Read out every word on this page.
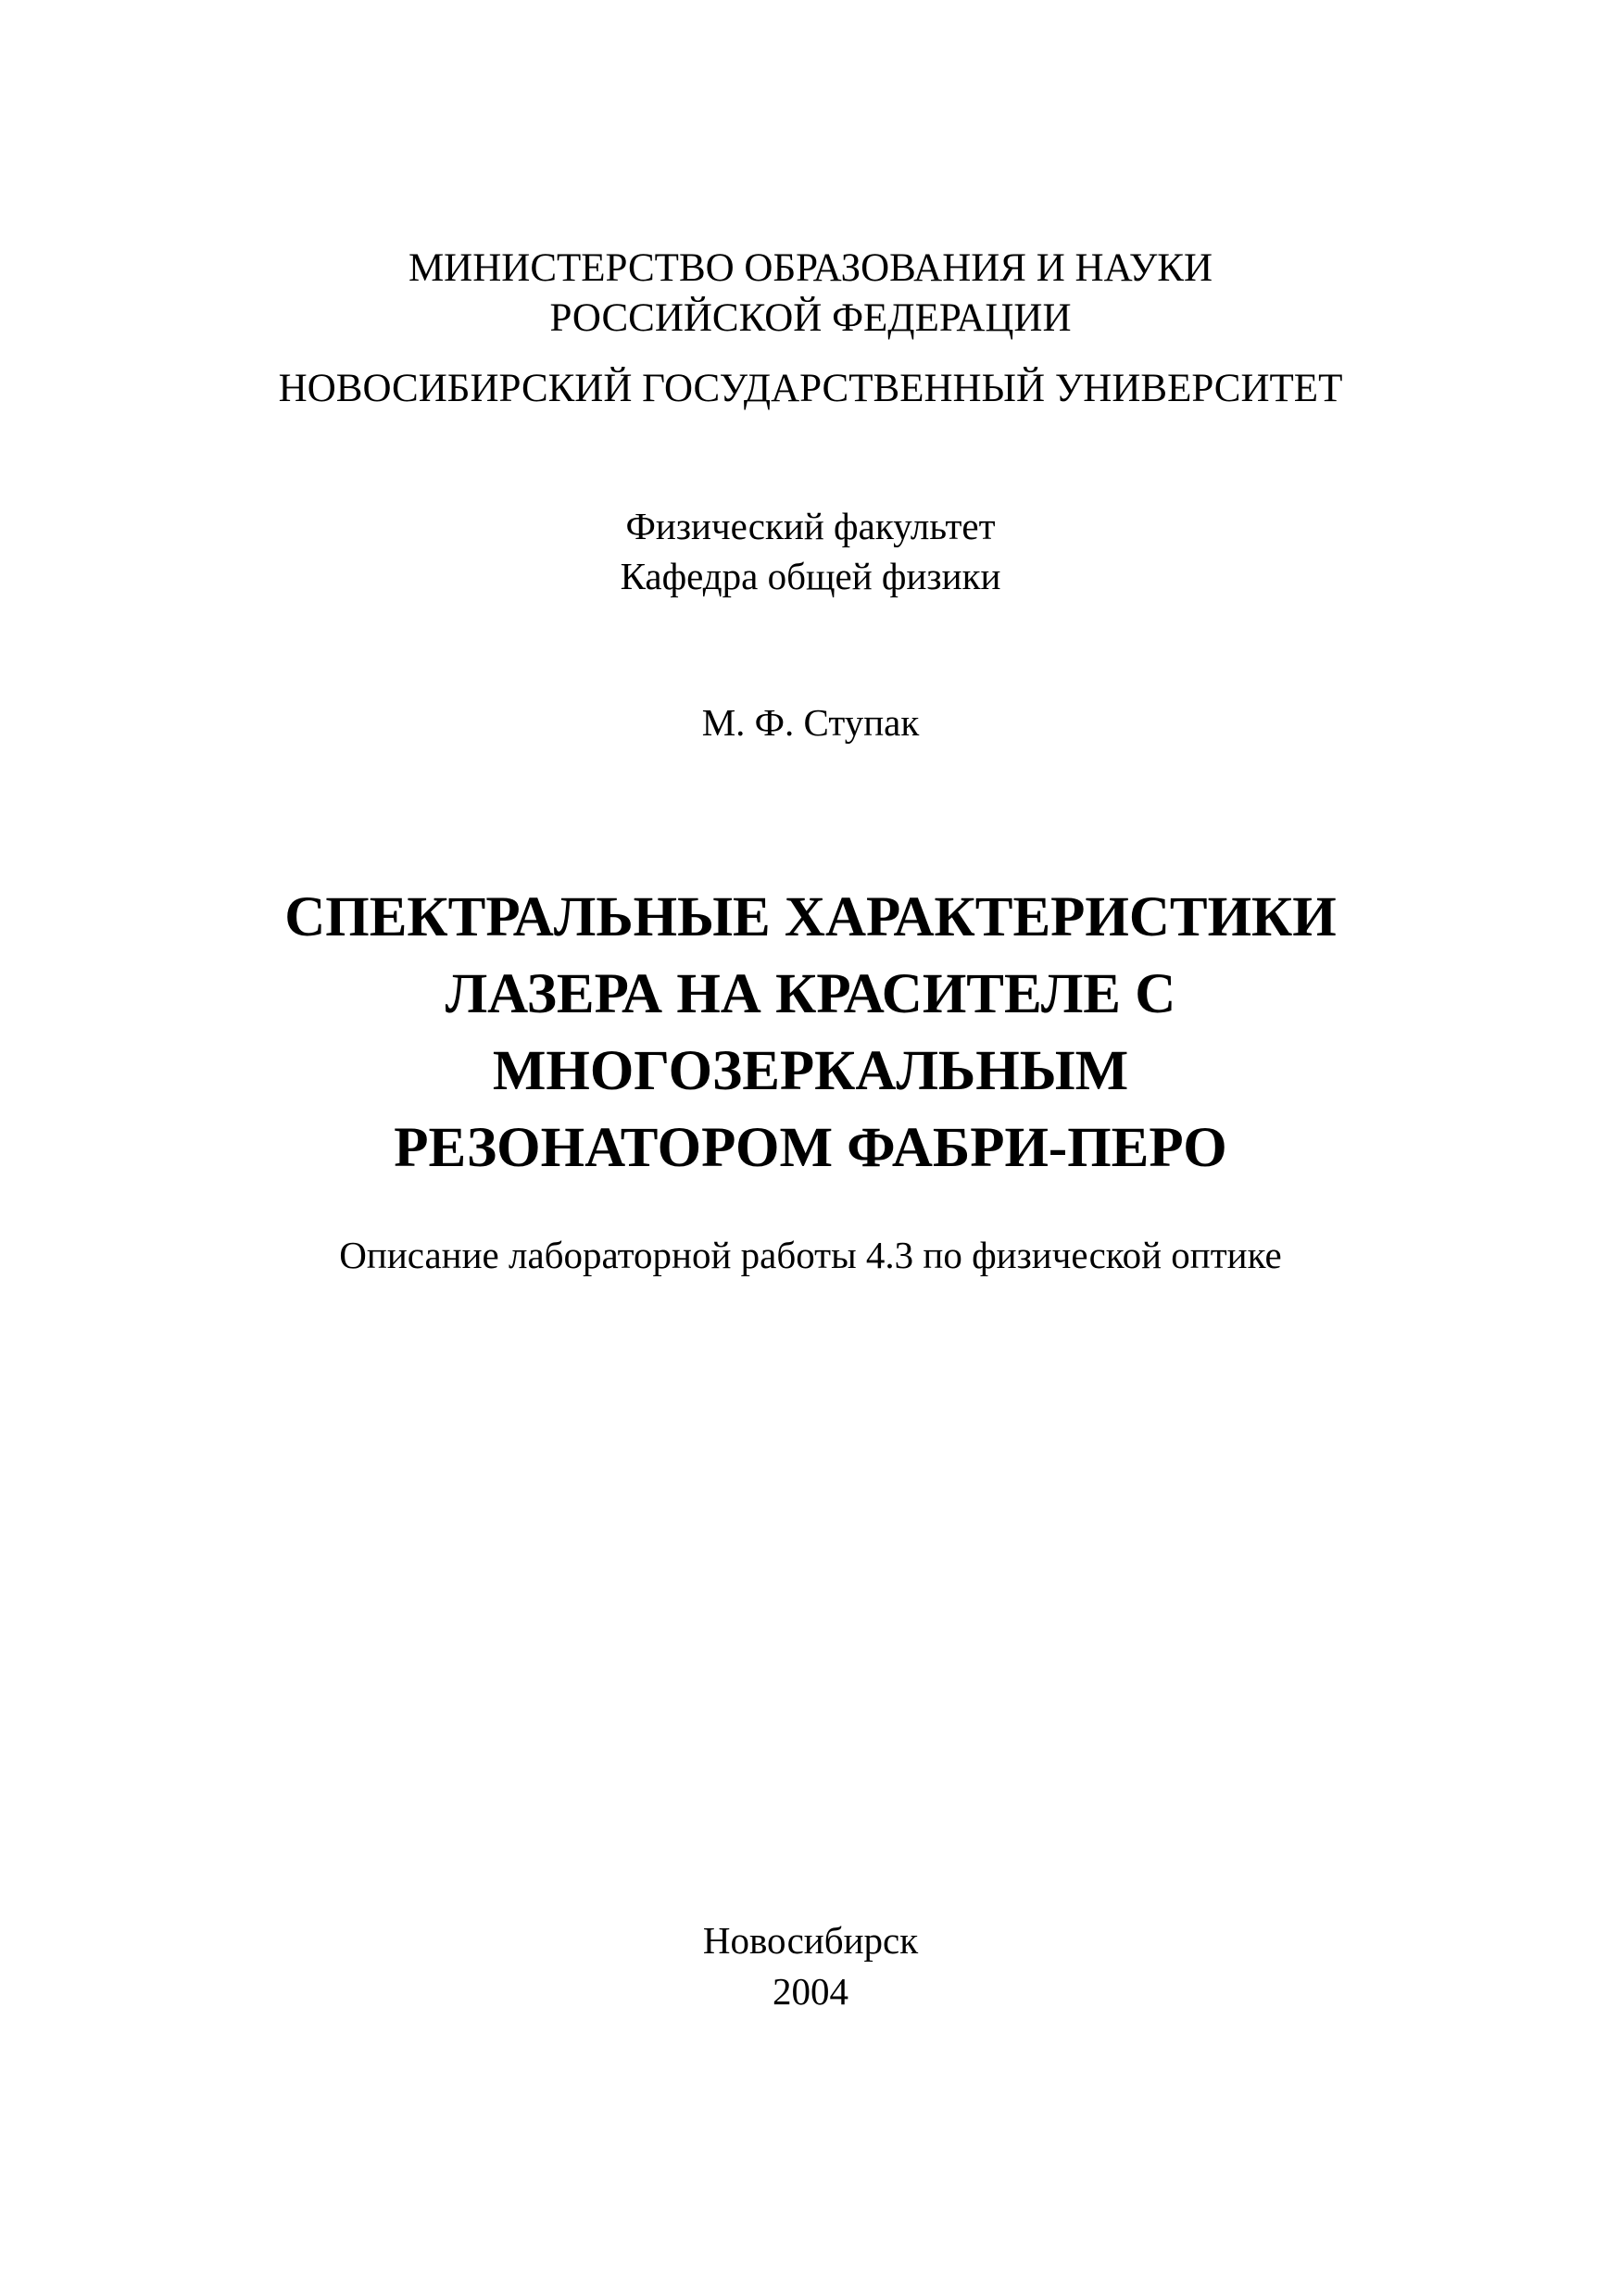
МИНИСТЕРСТВО ОБРАЗОВАНИЯ И НАУКИ
РОССИЙСКОЙ ФЕДЕРАЦИИ
НОВОСИБИРСКИЙ ГОСУДАРСТВЕННЫЙ УНИВЕРСИТЕТ
Физический факультет
Кафедра общей физики
М. Ф. Ступак
СПЕКТРАЛЬНЫЕ ХАРАКТЕРИСТИКИ
ЛАЗЕРА НА КРАСИТЕЛЕ С
МНОГОЗЕРКАЛЬНЫМ
РЕЗОНАТОРОМ ФАБРИ-ПЕРО
Описание лабораторной работы 4.3 по физической оптике
Новосибирск
2004
